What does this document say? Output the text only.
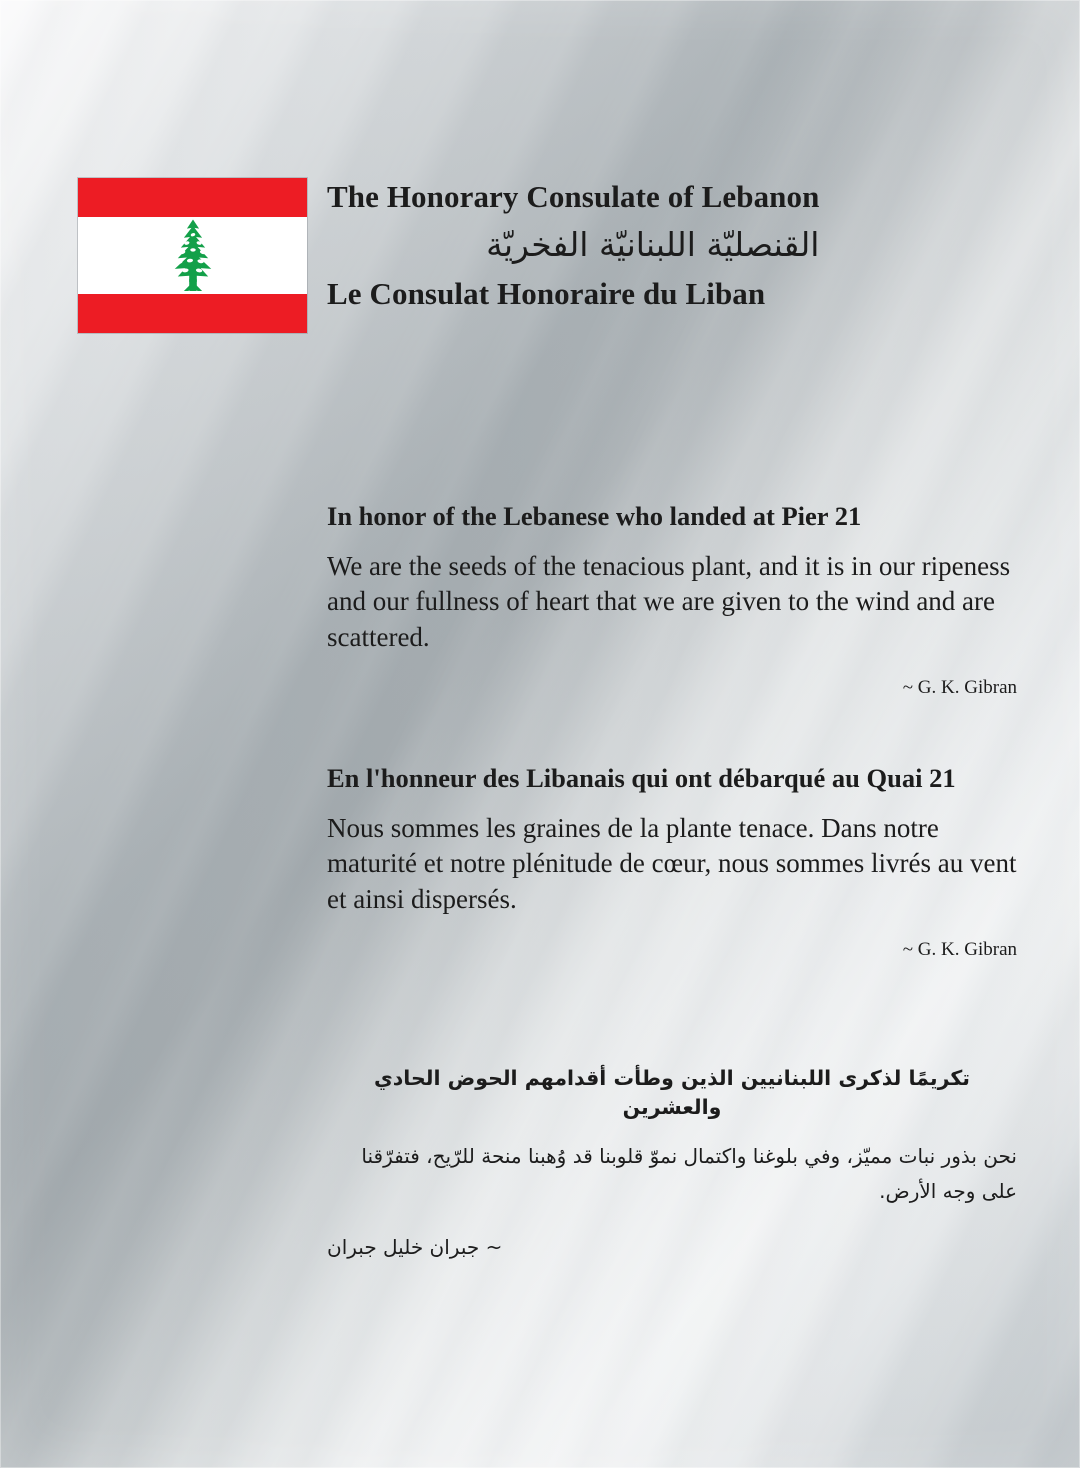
The Honorary Consulate of Lebanon
القنصليّة اللبنانيّة الفخريّة
Le Consulat Honoraire du Liban

In honor of the Lebanese who landed at Pier 21

We are the seeds of the tenacious plant, and it is in our ripeness and our fullness of heart that we are given to the wind and are scattered.

~ G. K. Gibran

En l'honneur des Libanais qui ont débarqué au Quai 21

Nous sommes les graines de la plante tenace. Dans notre maturité et notre plénitude de cœur, nous sommes livrés au vent et ainsi dispersés.

~ G. K. Gibran

تكريمًا لذكرى اللبنانيين الذين وطأت أقدامهم الحوض الحادي والعشرين

نحن بذور نبات مميّز، وفي بلوغنا واكتمال نموّ قلوبنا قد وُهبنا منحة للرّيح، فتفرّقنا على وجه الأرض.

~ جبران خليل جبران
